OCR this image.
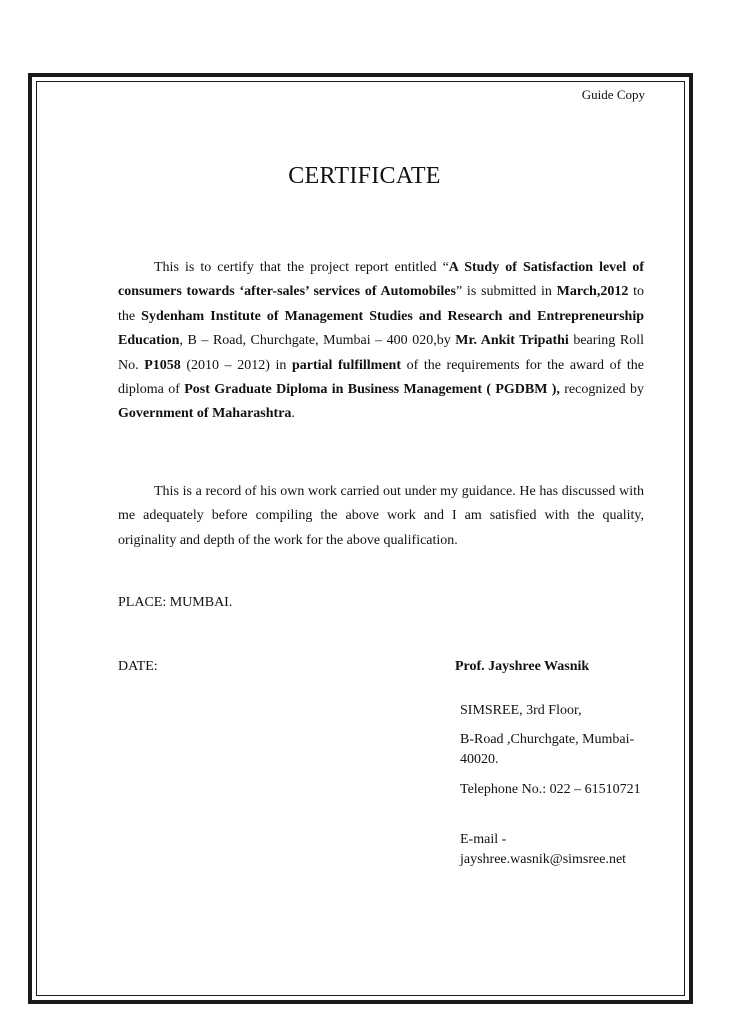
Guide Copy
CERTIFICATE

This is to certify that the project report entitled “A Study of Satisfaction level of consumers towards ‘after-sales’ services of Automobiles” is submitted in March,2012 to the Sydenham Institute of Management Studies and Research and Entrepreneurship Education, B – Road, Churchgate, Mumbai – 400 020,by Mr. Ankit Tripathi bearing Roll No. P1058 (2010 – 2012) in partial fulfillment of the requirements for the award of the diploma of Post Graduate Diploma in Business Management ( PGDBM ), recognized by Government of Maharashtra.

This is a record of his own work carried out under my guidance. He has discussed with me adequately before compiling the above work and I am satisfied with the quality, originality and depth of the work for the above qualification.

PLACE: MUMBAI.
DATE:	Prof. Jayshree Wasnik

SIMSREE, 3rd Floor,

B-Road ,Churchgate, Mumbai-40020.

Telephone No.: 022 – 61510721

E-mail - jayshree.wasnik@simsree.net
